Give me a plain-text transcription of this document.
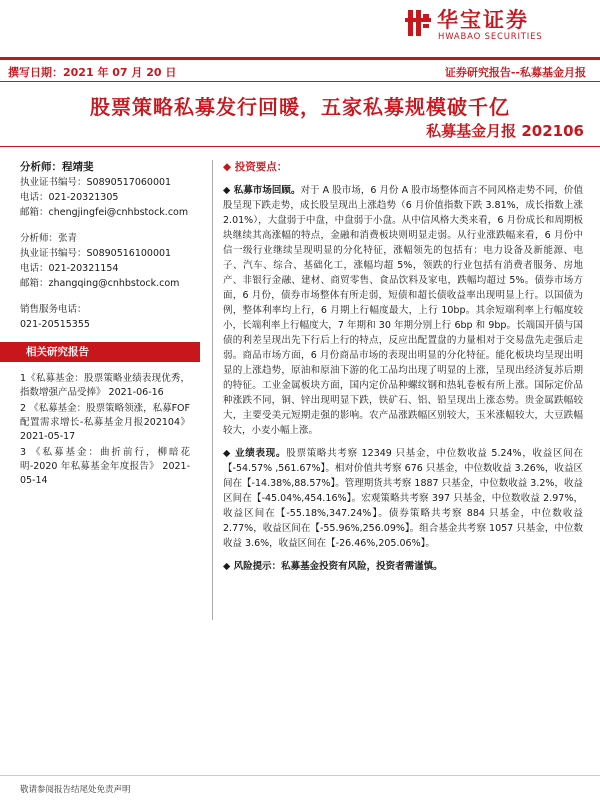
华宝证券
HWABAO SECURITIES
撰写日期：2021 年 07 月 20 日	证券研究报告--私募基金月报
股票策略私募发行回暖，五家私募规模破千亿
私募基金月报 202106
分析师：程靖斐
执业证书编号：S0890517060001
电话：021-20321305
邮箱：chengjingfei@cnhbstock.com
分析师：张青
执业证书编号：S0890516100001
电话：021-20321154
邮箱：zhangqing@cnhbstock.com
销售服务电话：
021-20515355
相关研究报告
1《私募基金：股票策略业绩表现优秀，指数增强产品受捧》 2021-06-16
2 《私募基金：股票策略领涨，私募FOF 配置需求增长-私募基金月报202104》 2021-05-17
3 《私募基金：曲折前行，柳暗花明-2020 年私募基金年度报告》 2021-05-14
◆ 投资要点：
◆ 私募市场回顾。对于 A 股市场，6 月份 A 股市场整体而言不同风格走势不同，价值股呈现下跌走势，成长股呈现出上涨趋势（6 月价值指数下跌 3.81%，成长指数上涨 2.01%），大盘弱于中盘，中盘弱于小盘。从中信风格大类来看，6 月份成长和周期板块继续其高涨幅的特点，金融和消费板块则明显走弱。从行业涨跌幅来看，6 月份中信一级行业继续呈现明显的分化特征，涨幅领先的包括有：电力设备及新能源、电子、汽车、综合、基础化工，涨幅均超 5%，领跌的行业包括有消费者服务、房地产、非银行金融、建材、商贸零售、食品饮料及家电，跌幅均超过 5%。债券市场方面，6 月份，债券市场整体有所走弱，短债和超长债收益率出现明显上行。以国债为例，整体利率均上行，6 月期上行幅度最大，上行 10bp。其余短端利率上行幅度较小，长端利率上行幅度大，7 年期和 30 年期分别上行 6bp 和 9bp。长端国开债与国债的利差呈现出先下行后上行的特点，反应出配置盘的力量相对于交易盘先走强后走弱。商品市场方面，6 月份商品市场的表现出明显的分化特征。能化板块均呈现出明显的上涨趋势，原油和原油下游的化工品均出现了明显的上涨，呈现出经济复苏后期的特征。工业金属板块方面，国内定价品种螺纹钢和热轧卷板有所上涨。国际定价品种涨跌不同，铜、锌出现明显下跌，铁矿石、铝、铅呈现出上涨态势。贵金属跌幅较大，主要受美元短期走强的影响。农产品涨跌幅区别较大，玉米涨幅较大，大豆跌幅较大，小麦小幅上涨。
◆ 业绩表现。股票策略共考察 12349 只基金，中位数收益 5.24%，收益区间在【-54.57% ,561.67%】。相对价值共考察 676 只基金，中位数收益 3.26%，收益区间在【-14.38%,88.57%】。管理期货共考察 1887 只基金，中位数收益 3.2%，收益区间在【-45.04%,454.16%】。宏观策略共考察 397 只基金，中位数收益 2.97%，收益区间在【-55.18%,347.24%】。债券策略共考察 884 只基金，中位数收益 2.77%，收益区间在【-55.96%,256.09%】。组合基金共考察 1057 只基金，中位数收益 3.6%，收益区间在【-26.46%,205.06%】。
◆ 风险提示：私募基金投资有风险，投资者需谨慎。
敬请参阅报告结尾处免责声明
